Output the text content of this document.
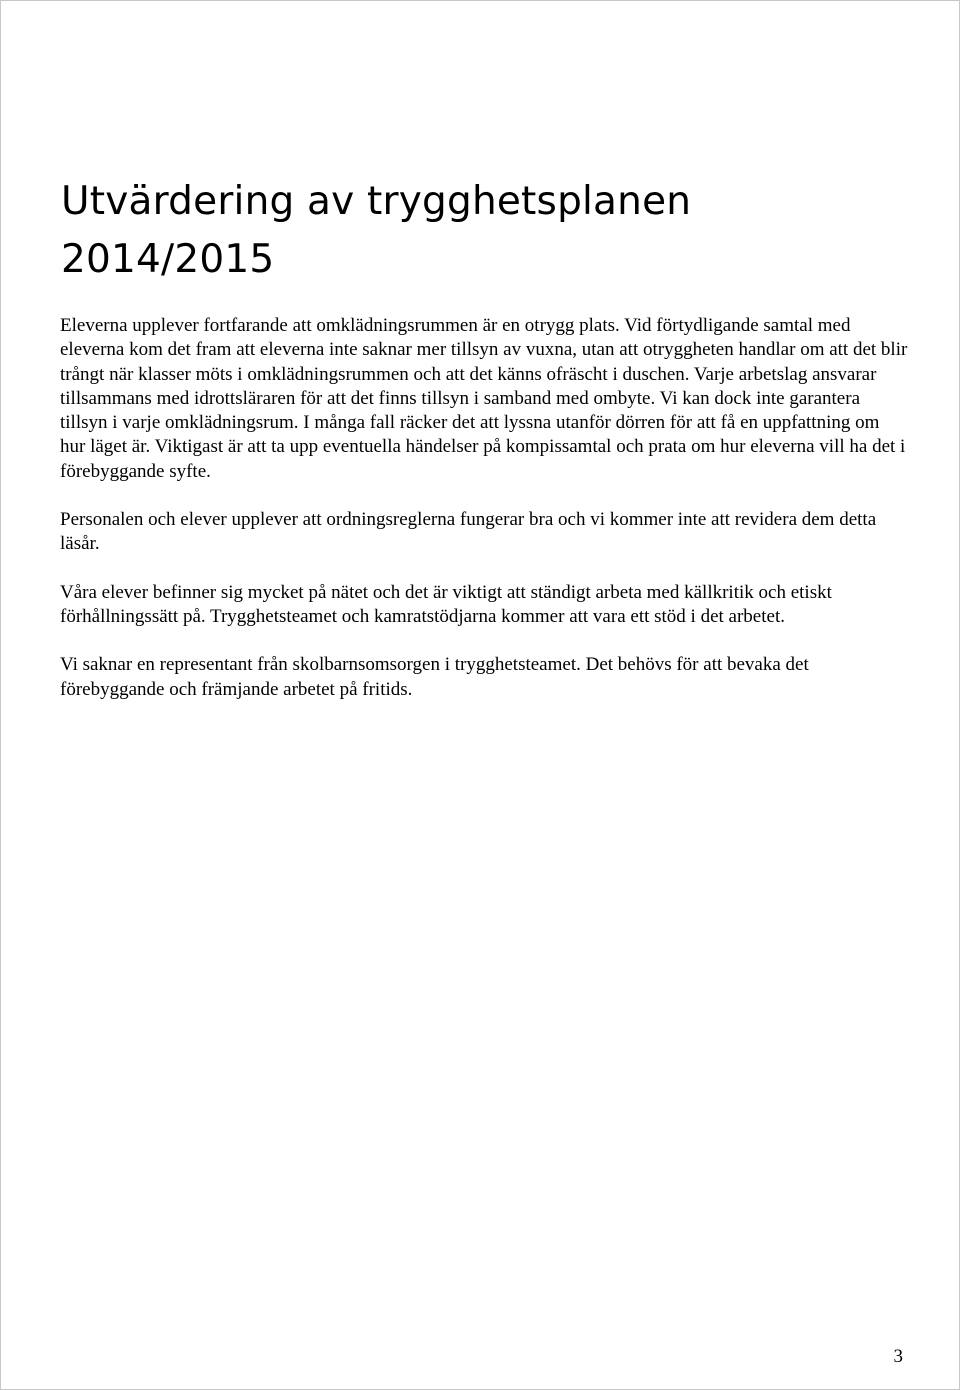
Utvärdering av trygghetsplanen
2014/2015

Eleverna upplever fortfarande att omklädningsrummen är en otrygg plats. Vid förtydligande samtal med eleverna kom det fram att eleverna inte saknar mer tillsyn av vuxna, utan att otryggheten handlar om att det blir trångt när klasser möts i omklädningsrummen och att det känns ofräscht i duschen. Varje arbetslag ansvarar tillsammans med idrottsläraren för att det finns tillsyn i samband med ombyte. Vi kan dock inte garantera tillsyn i varje omklädningsrum. I många fall räcker det att lyssna utanför dörren för att få en uppfattning om hur läget är. Viktigast är att ta upp eventuella händelser på kompissamtal och prata om hur eleverna vill ha det i förebyggande syfte.

Personalen och elever upplever att ordningsreglerna fungerar bra och vi kommer inte att revidera dem detta läsår.

Våra elever befinner sig mycket på nätet och det är viktigt att ständigt arbeta med källkritik och etiskt förhållningssätt på. Trygghetsteamet och kamratstödjarna kommer att vara ett stöd i det arbetet.

Vi saknar en representant från skolbarnsomsorgen i trygghetsteamet. Det behövs för att bevaka det förebyggande och främjande arbetet på fritids.

3
